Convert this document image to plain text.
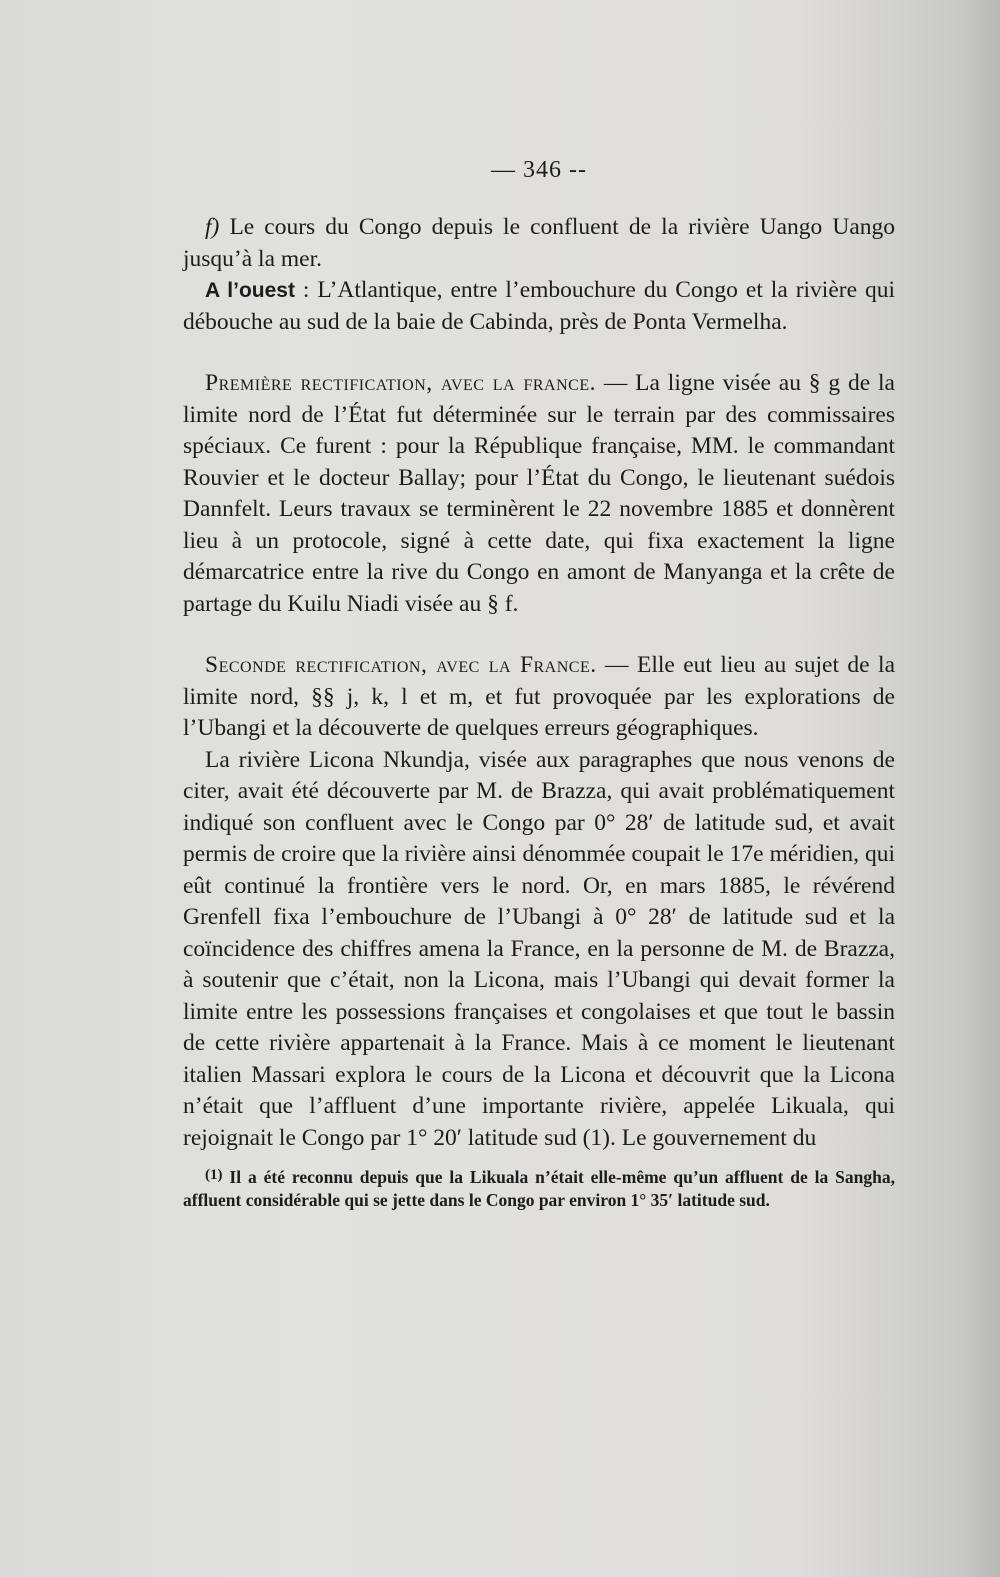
— 346 --

f) Le cours du Congo depuis le confluent de la rivière Uango Uango jusqu’à la mer.

A l’ouest : L’Atlantique, entre l’embouchure du Congo et la rivière qui débouche au sud de la baie de Cabinda, près de Ponta Vermelha.

Première rectification, avec la france. — La ligne visée au § g de la limite nord de l’État fut déterminée sur le terrain par des commissaires spéciaux. Ce furent : pour la République française, MM. le commandant Rouvier et le docteur Ballay; pour l’État du Congo, le lieutenant suédois Dannfelt. Leurs travaux se terminèrent le 22 novembre 1885 et donnèrent lieu à un protocole, signé à cette date, qui fixa exactement la ligne démarcatrice entre la rive du Congo en amont de Manyanga et la crête de partage du Kuilu Niadi visée au § f.

Seconde rectification, avec la France. — Elle eut lieu au sujet de la limite nord, §§ j, k, l et m, et fut provoquée par les explorations de l’Ubangi et la découverte de quelques erreurs géographiques.

La rivière Licona Nkundja, visée aux paragraphes que nous venons de citer, avait été découverte par M. de Brazza, qui avait problématiquement indiqué son confluent avec le Congo par 0° 28′ de latitude sud, et avait permis de croire que la rivière ainsi dénommée coupait le 17e méridien, qui eût continué la frontière vers le nord. Or, en mars 1885, le révérend Grenfell fixa l’embouchure de l’Ubangi à 0° 28′ de latitude sud et la coïncidence des chiffres amena la France, en la personne de M. de Brazza, à soutenir que c’était, non la Licona, mais l’Ubangi qui devait former la limite entre les possessions françaises et congolaises et que tout le bassin de cette rivière appartenait à la France. Mais à ce moment le lieutenant italien Massari explora le cours de la Licona et découvrit que la Licona n’était que l’affluent d’une importante rivière, appelée Likuala, qui rejoignait le Congo par 1° 20′ latitude sud (1). Le gouvernement du

(1) Il a été reconnu depuis que la Likuala n’était elle-même qu’un affluent de la Sangha, affluent considérable qui se jette dans le Congo par environ 1° 35′ latitude sud.
